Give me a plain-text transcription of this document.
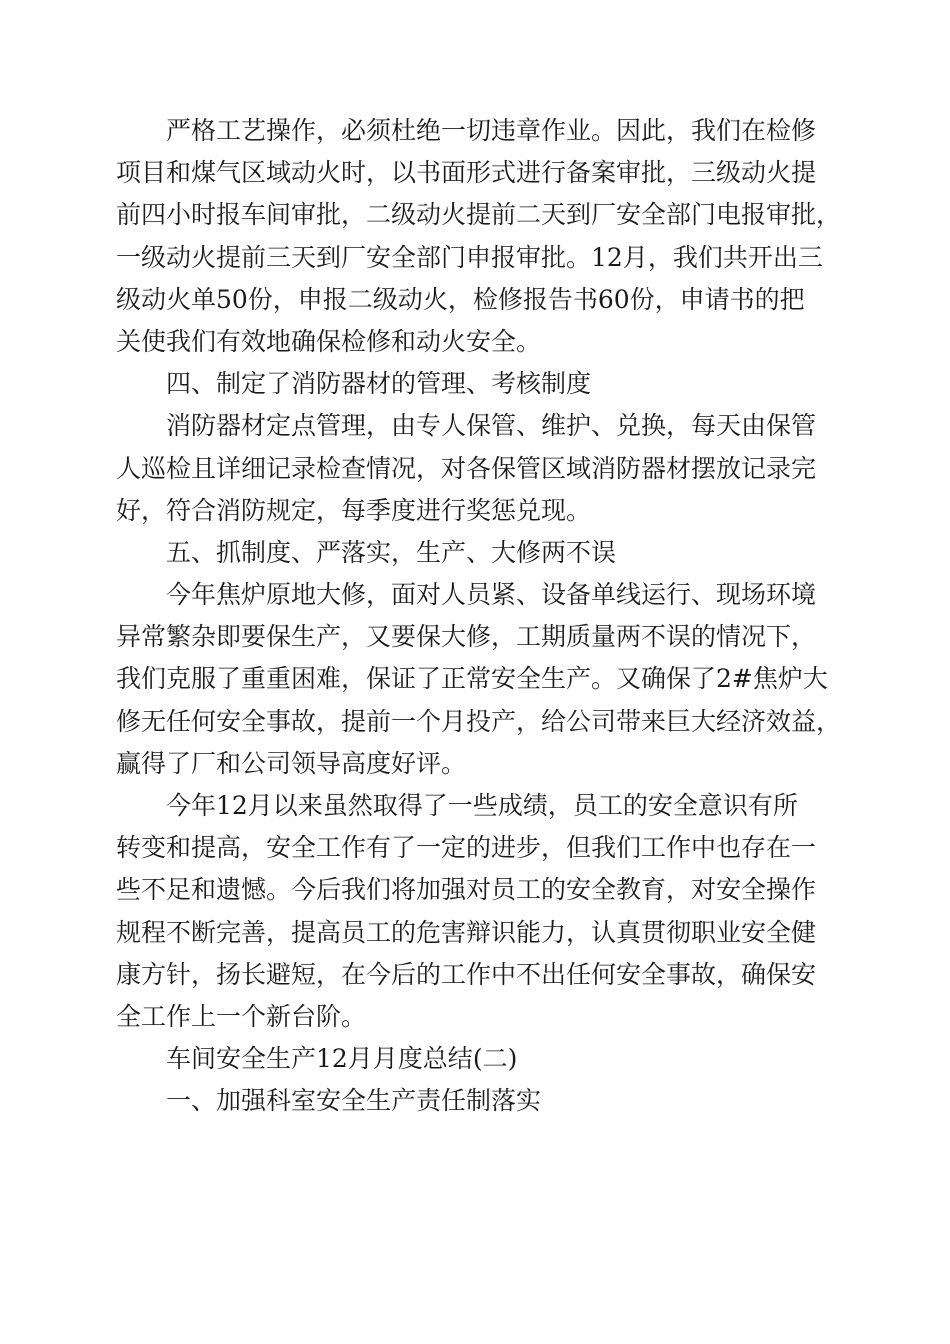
严格工艺操作，必须杜绝一切违章作业。因此，我们在检修
项目和煤气区域动火时，以书面形式进行备案审批，三级动火提
前四小时报车间审批，二级动火提前二天到厂安全部门电报审批，
一级动火提前三天到厂安全部门申报审批。12月，我们共开出三
级动火单50份，申报二级动火，检修报告书60份，申请书的把
关使我们有效地确保检修和动火安全。
四、制定了消防器材的管理、考核制度
消防器材定点管理，由专人保管、维护、兑换，每天由保管
人巡检且详细记录检查情况，对各保管区域消防器材摆放记录完
好，符合消防规定，每季度进行奖惩兑现。
五、抓制度、严落实，生产、大修两不误
今年焦炉原地大修，面对人员紧、设备单线运行、现场环境
异常繁杂即要保生产，又要保大修，工期质量两不误的情况下，
我们克服了重重困难，保证了正常安全生产。又确保了2#焦炉大
修无任何安全事故，提前一个月投产，给公司带来巨大经济效益，
赢得了厂和公司领导高度好评。
今年12月以来虽然取得了一些成绩，员工的安全意识有所
转变和提高，安全工作有了一定的进步，但我们工作中也存在一
些不足和遗憾。今后我们将加强对员工的安全教育，对安全操作
规程不断完善，提高员工的危害辩识能力，认真贯彻职业安全健
康方针，扬长避短，在今后的工作中不出任何安全事故，确保安
全工作上一个新台阶。
车间安全生产12月月度总结(二)
一、加强科室安全生产责任制落实
